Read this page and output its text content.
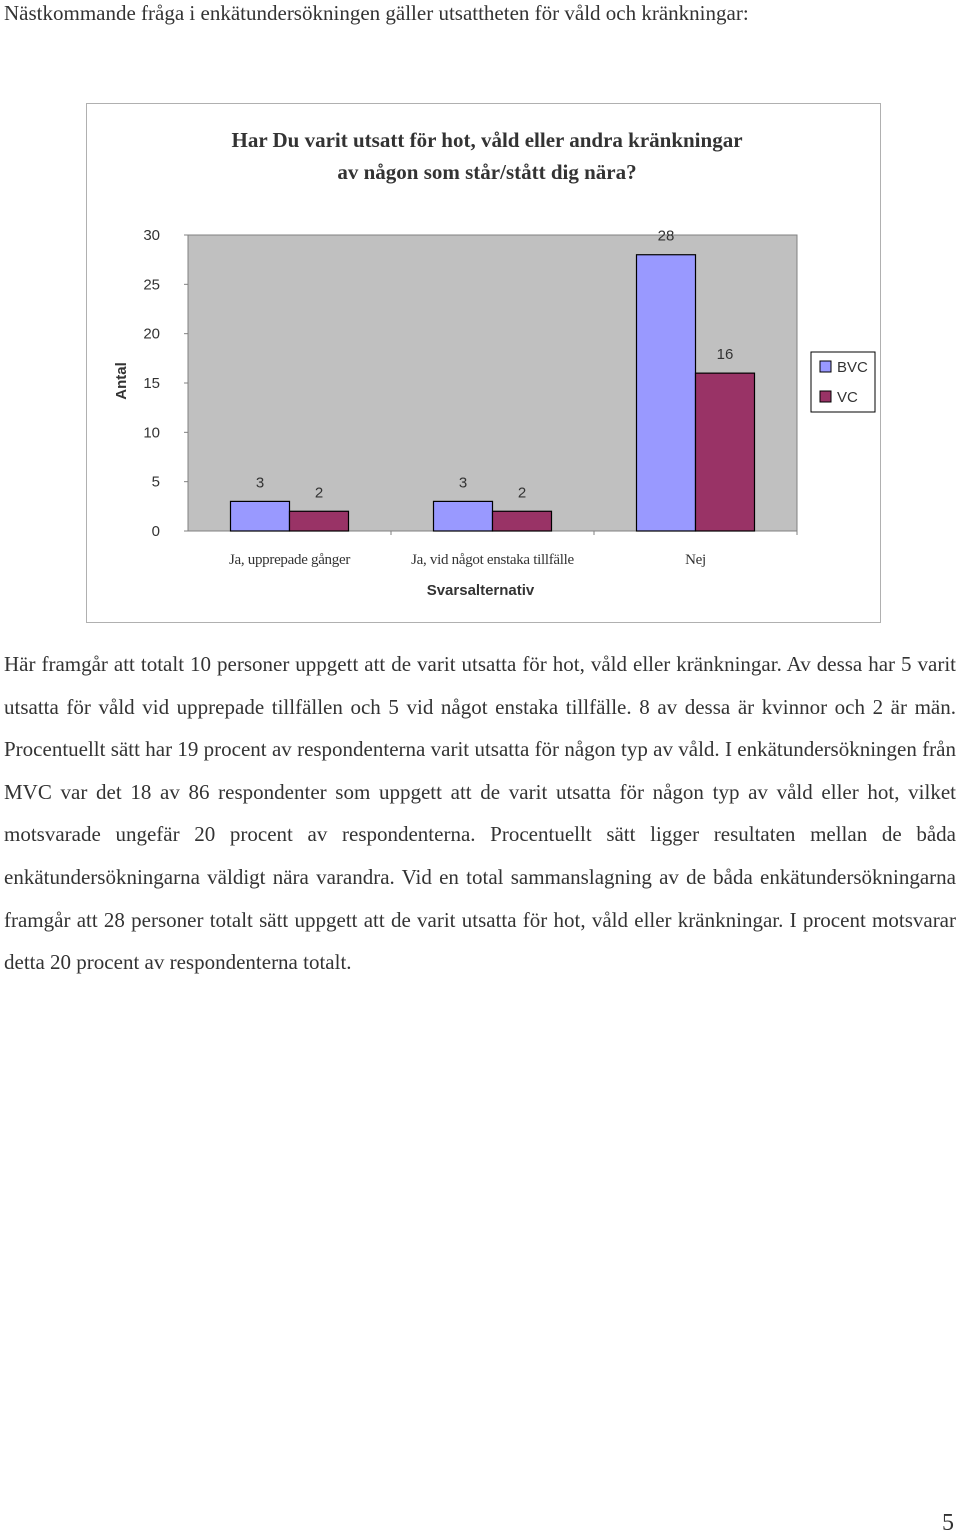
Nästkommande fråga i enkätundersökningen gäller utsattheten för våld och kränkningar:

Har Du varit utsatt för hot, våld eller andra kränkningar
av någon som står/stått dig nära?
0
5
10
15
20
25
30
Antal
3
2
Ja, upprepade gånger
3
2
Ja, vid något enstaka tillfälle
28
16
Nej
Svarsalternativ
BVC
VC

Här framgår att totalt 10 personer uppgett att de varit utsatta för hot, våld eller kränkningar. Av dessa har 5 varit utsatta för våld vid upprepade tillfällen och 5 vid något enstaka tillfälle. 8 av dessa är kvinnor och 2 är män. Procentuellt sätt har 19 procent av respondenterna varit utsatta för någon typ av våld. I enkätundersökningen från MVC var det 18 av 86 respondenter som uppgett att de varit utsatta för någon typ av våld eller hot, vilket motsvarade ungefär 20 procent av respondenterna. Procentuellt sätt ligger resultaten mellan de båda enkätundersökningarna väldigt nära varandra. Vid en total sammanslagning av de båda enkätundersökningarna framgår att 28 personer totalt sätt uppgett att de varit utsatta för hot, våld eller kränkningar. I procent motsvarar detta 20 procent av respondenterna totalt.

5
